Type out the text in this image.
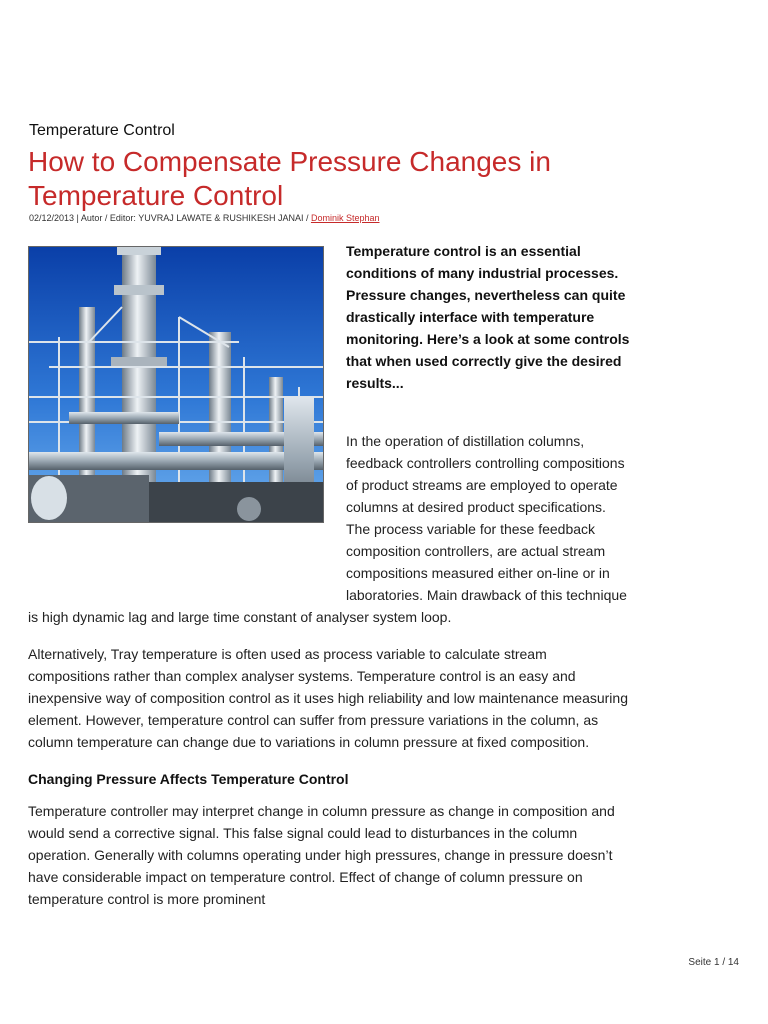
Temperature Control
How to Compensate Pressure Changes in Temperature Control
02/12/2013 | Autor / Editor: YUVRAJ LAWATE & RUSHIKESH JANAI / Dominik Stephan

Temperature control is an essential conditions of many industrial processes. Pressure changes, nevertheless can quite drastically interface with temperature monitoring. Here’s a look at some controls that when used correctly give the desired results...

In the operation of distillation columns, feedback controllers controlling compositions of product streams are employed to operate columns at desired product specifications. The process variable for these feedback composition controllers, are actual stream compositions measured either on-line or in laboratories. Main drawback of this technique is high dynamic lag and large time constant of analyser system loop.

Alternatively, Tray temperature is often used as process variable to calculate stream compositions rather than complex analyser systems. Temperature control is an easy and inexpensive way of composition control as it uses high reliability and low maintenance measuring element. However, temperature control can suffer from pressure variations in the column, as column temperature can change due to variations in column pressure at fixed composition.

Changing Pressure Affects Temperature Control

Temperature controller may interpret change in column pressure as change in composition and would send a corrective signal. This false signal could lead to disturbances in the column operation. Generally with columns operating under high pressures, change in pressure doesn’t have considerable impact on temperature control. Effect of change of column pressure on temperature control is more prominent

Seite 1 / 14
